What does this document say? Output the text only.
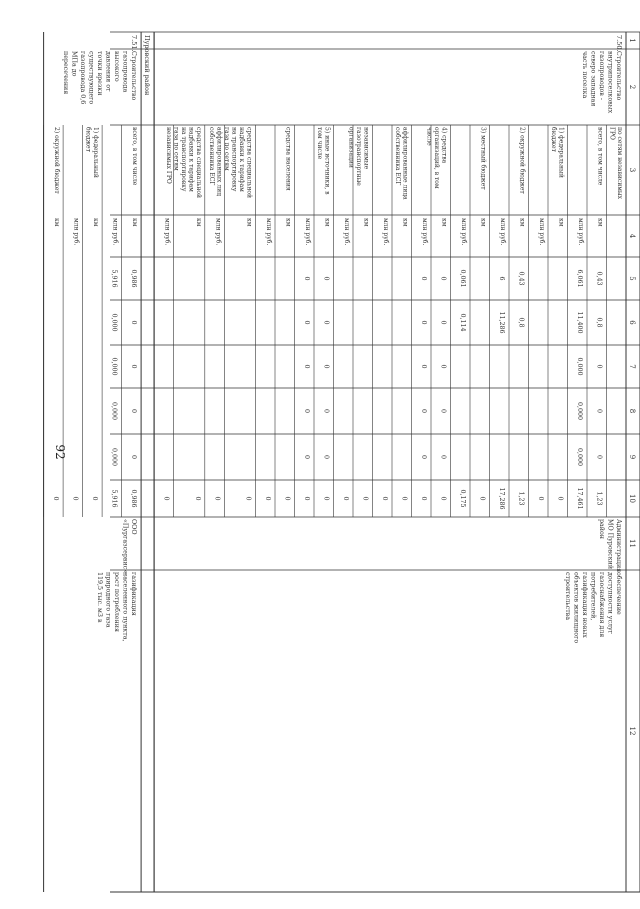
92
1
2
3
4
5
6
7
8
9
10
11
12
7.50.
Строительство
внутрипоселковых
газопроводов -
северо западная
часть поселка
Администрация
МО Пуровский
район
обеспечение
доступности услуг
газоснабжения для
потребителей,
газификация новых
объектов жилищного
строительства
по сетям независимых
ГРО
всего, в том числе
км
0,43
0,8
0
0
0
1,23
млн руб.
6,061
11,400
0,000
0,000
0,000
17,461
1) федеральный
бюджет
км
0
млн руб.
0
2) окружной бюджет
км
0,43
0,8
1,23
млн руб.
6
11,286
17,286
3) местный бюджет
км
0
млн руб.
0,061
0,114
0,175
4) средства
организаций, в том
числе
км
0
0
0
0
0
0
млн руб.
0
0
0
0
0
0
аффилированные лица
собственника ЕСГ
км
0
млн руб.
0
независимые
газотранспортные
организации
км
0
млн руб.
0
5) иные источники, в
том числе
км
0
0
0
0
0
0
млн руб.
0
0
0
0
0
0
средства населения
км
0
млн руб.
0
средства специальной
надбавки к тарифам
на транспортировку
газа по сетям
аффилированных лиц
собственника ЕСГ
км
0
млн руб.
0
средства специальной
надбавки к тарифам
на транспортировку
газа по сетям
независимых ГРО
км
0
млн руб.
0
Пуровский район
7.51.
Строительство
газопровода
высокого
давления от
точки врезки
существующего
газопровода 0,6
МПа до
пересечения
ООО
«Пургазсервис»
газификация
населенного пункта,
рост потребления
природного газа
119,5 тыс. м3 в
всего, в том числе
км
0,986
0
0
0
0
0,986
млн руб.
5,916
0,000
0,000
0,000
0,000
5,916
1) федеральный
бюджет
км
0
млн руб.
0
2) окружной бюджет
км
0
